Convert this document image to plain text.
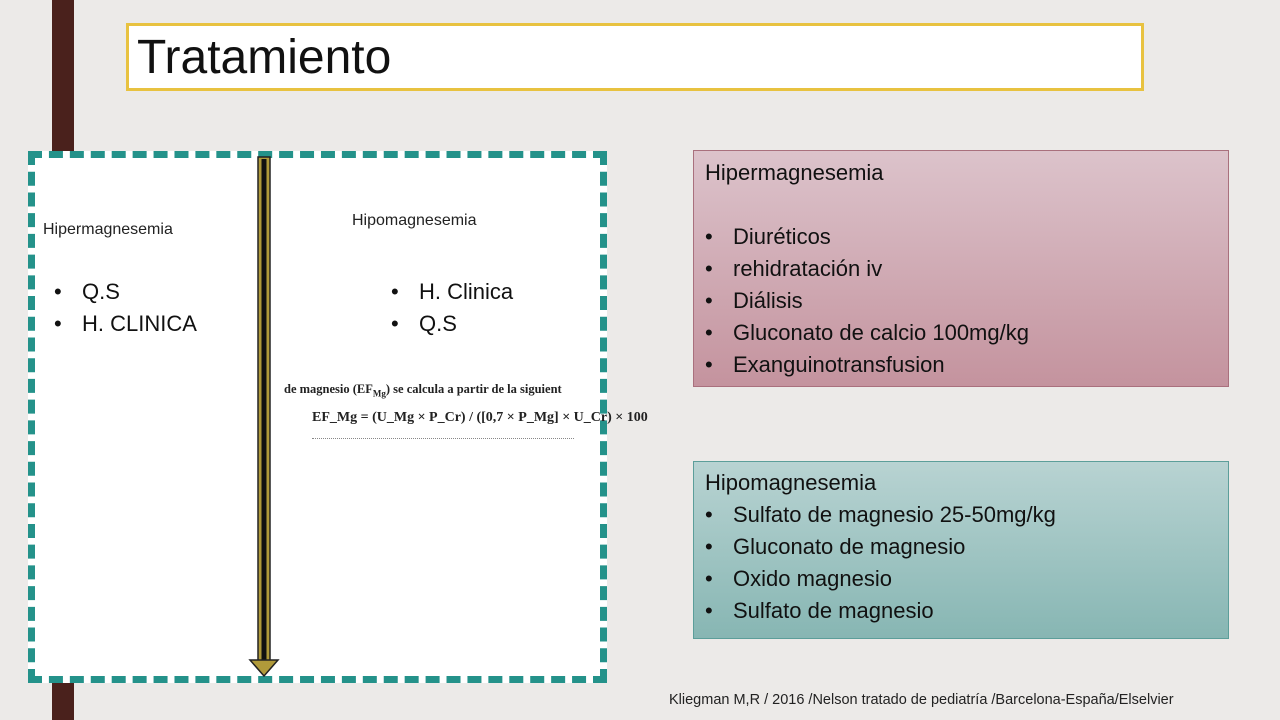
Tratamiento
Hipermagnesemia
Hipomagnesemia
• Q.S
• H. CLINICA
• H. Clinica
• Q.S
de magnesio $(EF_{Mg})$ se calcula a partir de la siguient
EF_Mg = (U_Mg × P_Cr) / ([0,7 × P_Mg] × U_Cr) × 100
Hipermagnesemia
• Diuréticos
• rehidratación iv
• Diálisis
• Gluconato de calcio 100mg/kg
• Exanguinotransfusion
Hipomagnesemia
• Sulfato de magnesio 25-50mg/kg
• Gluconato de magnesio
• Oxido magnesio
• Sulfato de magnesio
Kliegman M,R / 2016 /Nelson tratado de pediatría /Barcelona-España/Elselvier
